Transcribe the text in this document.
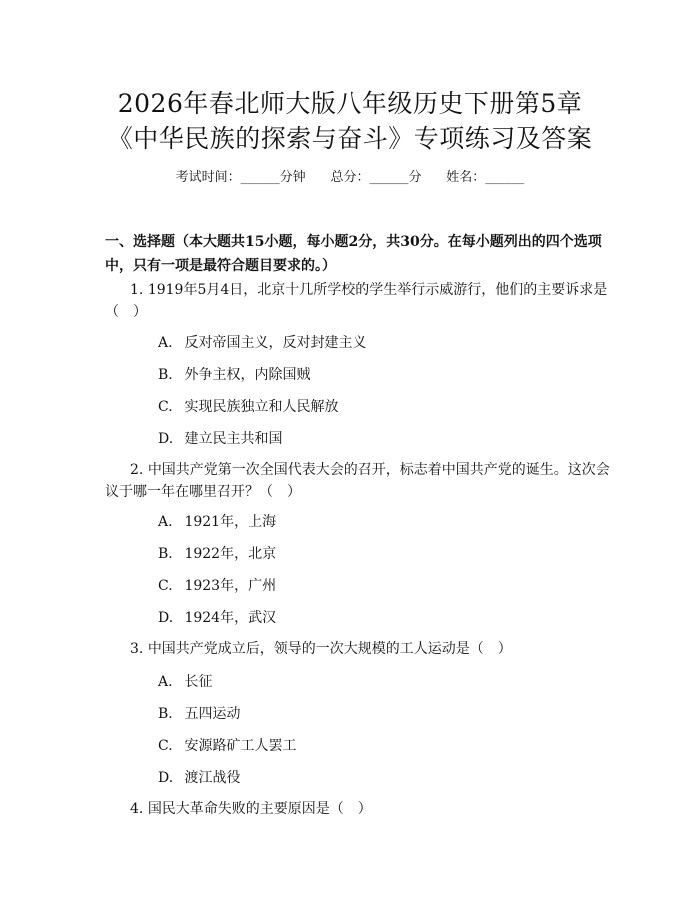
2026年春北师大版八年级历史下册第5章
《中华民族的探索与奋斗》专项练习及答案
考试时间：______分钟 总分：______分 姓名：______
一、选择题（本大题共15小题，每小题2分，共30分。在每小题列出的四个选项中，只有一项是最符合题目要求的。）
1. 1919年5月4日，北京十几所学校的学生举行示威游行，他们的主要诉求是（　）
A. 反对帝国主义，反对封建主义
B. 外争主权，内除国贼
C. 实现民族独立和人民解放
D. 建立民主共和国
2. 中国共产党第一次全国代表大会的召开，标志着中国共产党的诞生。这次会议于哪一年在哪里召开？（　）
A. 1921年，上海
B. 1922年，北京
C. 1923年，广州
D. 1924年，武汉
3. 中国共产党成立后，领导的一次大规模的工人运动是（　）
A. 长征
B. 五四运动
C. 安源路矿工人罢工
D. 渡江战役
4. 国民大革命失败的主要原因是（　）
